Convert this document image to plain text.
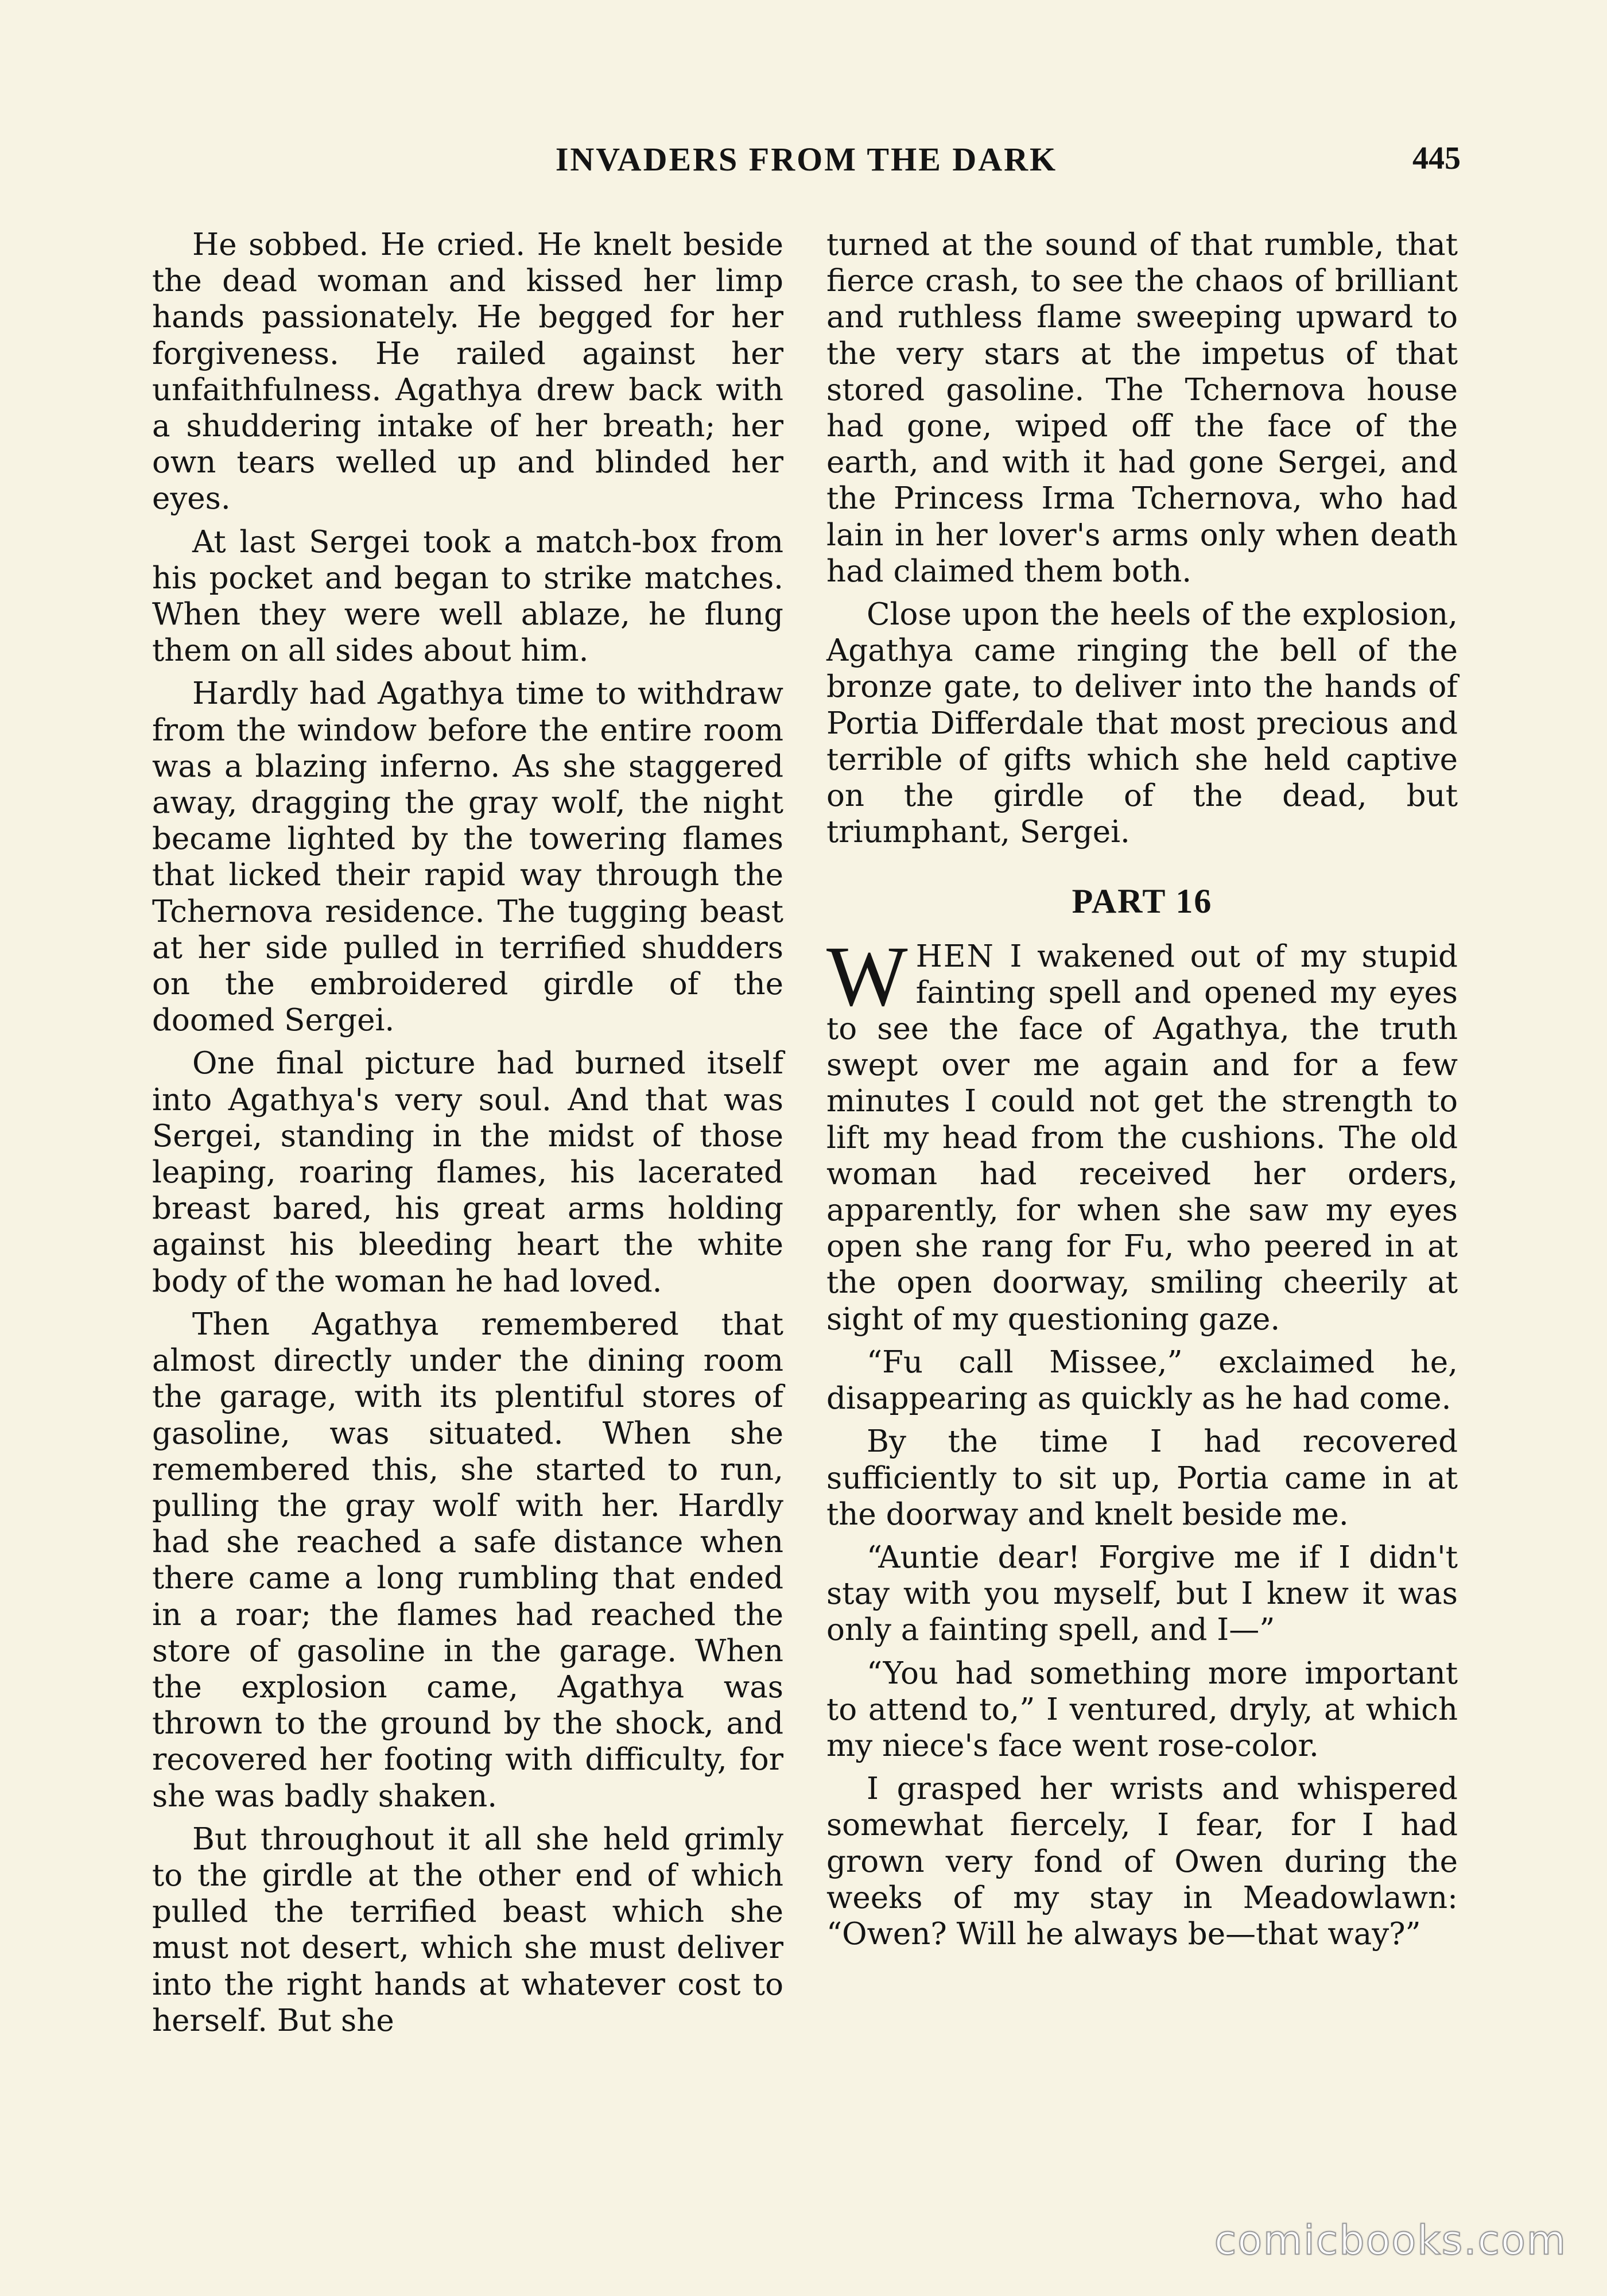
INVADERS FROM THE DARK	445

He sobbed. He cried. He knelt beside the dead woman and kissed her limp hands passionately. He begged for her forgiveness. He railed against her unfaithfulness. Agathya drew back with a shuddering intake of her breath; her own tears welled up and blinded her eyes.

At last Sergei took a match-box from his pocket and began to strike matches. When they were well ablaze, he flung them on all sides about him.

Hardly had Agathya time to withdraw from the window before the entire room was a blazing inferno. As she staggered away, dragging the gray wolf, the night became lighted by the towering flames that licked their rapid way through the Tchernova residence. The tugging beast at her side pulled in terrified shudders on the embroidered girdle of the doomed Sergei.

One final picture had burned itself into Agathya's very soul. And that was Sergei, standing in the midst of those leaping, roaring flames, his lacerated breast bared, his great arms holding against his bleeding heart the white body of the woman he had loved.

Then Agathya remembered that almost directly under the dining room the garage, with its plentiful stores of gasoline, was situated. When she remembered this, she started to run, pulling the gray wolf with her. Hardly had she reached a safe distance when there came a long rumbling that ended in a roar; the flames had reached the store of gasoline in the garage. When the explosion came, Agathya was thrown to the ground by the shock, and recovered her footing with difficulty, for she was badly shaken.

But throughout it all she held grimly to the girdle at the other end of which pulled the terrified beast which she must not desert, which she must deliver into the right hands at whatever cost to herself. But she

turned at the sound of that rumble, that fierce crash, to see the chaos of brilliant and ruthless flame sweeping upward to the very stars at the impetus of that stored gasoline. The Tchernova house had gone, wiped off the face of the earth, and with it had gone Sergei, and the Princess Irma Tchernova, who had lain in her lover's arms only when death had claimed them both.

Close upon the heels of the explosion, Agathya came ringing the bell of the bronze gate, to deliver into the hands of Portia Differdale that most precious and terrible of gifts which she held captive on the girdle of the dead, but triumphant, Sergei.

PART 16

WHEN I wakened out of my stupid fainting spell and opened my eyes to see the face of Agathya, the truth swept over me again and for a few minutes I could not get the strength to lift my head from the cushions. The old woman had received her orders, apparently, for when she saw my eyes open she rang for Fu, who peered in at the open doorway, smiling cheerily at sight of my questioning gaze.

“Fu call Missee,” exclaimed he, disappearing as quickly as he had come.

By the time I had recovered sufficiently to sit up, Portia came in at the doorway and knelt beside me.

“Auntie dear! Forgive me if I didn't stay with you myself, but I knew it was only a fainting spell, and I—”

“You had something more important to attend to,” I ventured, dryly, at which my niece's face went rose-color.

I grasped her wrists and whispered somewhat fiercely, I fear, for I had grown very fond of Owen during the weeks of my stay in Meadowlawn: “Owen? Will he always be—that way?”

comicbooks.com
